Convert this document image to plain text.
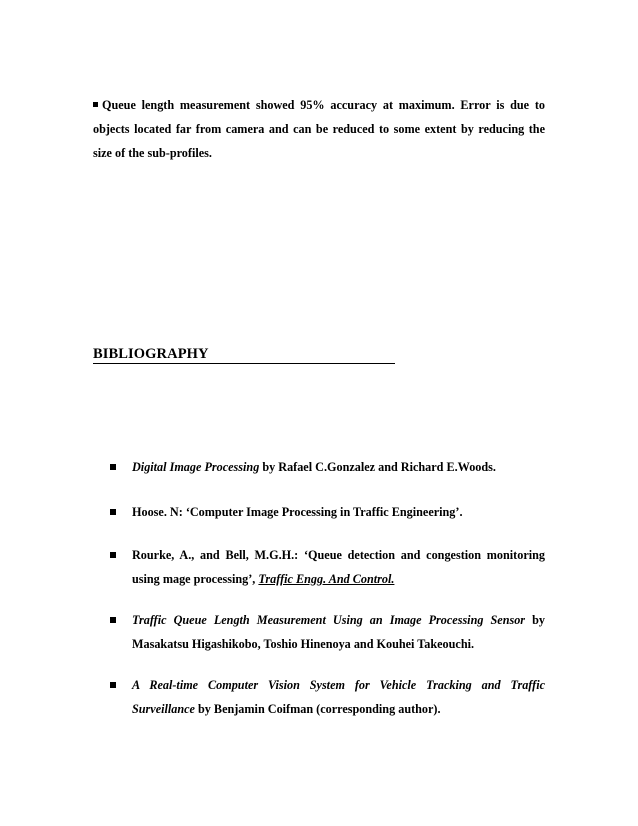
Queue length measurement showed 95% accuracy at maximum. Error is due to objects located far from camera and can be reduced to some extent by reducing the size of the sub-profiles.

BIBLIOGRAPHY
Digital Image Processing by Rafael C.Gonzalez and Richard E.Woods.
Hoose. N: ‘Computer Image Processing in Traffic Engineering’.
Rourke, A., and Bell, M.G.H.: ‘Queue detection and congestion monitoring using mage processing’, Traffic Engg. And Control.
Traffic Queue Length Measurement Using an Image Processing Sensor by Masakatsu Higashikobo, Toshio Hinenoya and Kouhei Takeouchi.
A Real-time Computer Vision System for Vehicle Tracking and Traffic Surveillance by Benjamin Coifman (corresponding author).
